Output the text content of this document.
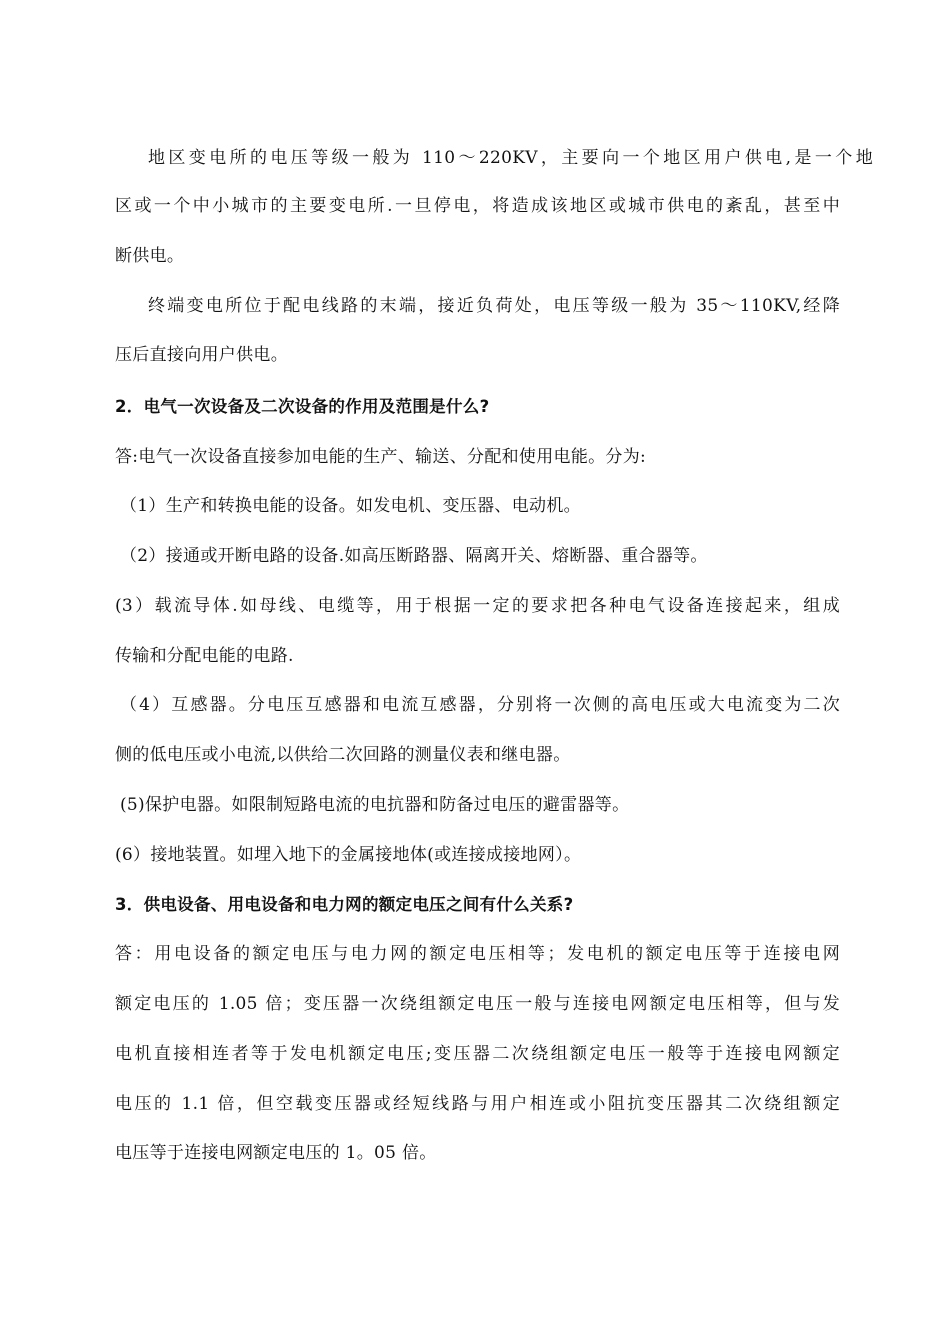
地区变电所的电压等级一般为 110～220KV，主要向一个地区用户供电,是一个地
区或一个中小城市的主要变电所.一旦停电，将造成该地区或城市供电的紊乱，甚至中
断供电。
终端变电所位于配电线路的末端，接近负荷处，电压等级一般为 35～110KV,经降
压后直接向用户供电。
2．电气一次设备及二次设备的作用及范围是什么?
答:电气一次设备直接参加电能的生产、输送、分配和使用电能。分为:
（1）生产和转换电能的设备。如发电机、变压器、电动机。
（2）接通或开断电路的设备.如高压断路器、隔离开关、熔断器、重合器等。
(3）载流导体.如母线、电缆等，用于根据一定的要求把各种电气设备连接起来，组成
传输和分配电能的电路.
（4）互感器。分电压互感器和电流互感器，分别将一次侧的高电压或大电流变为二次
侧的低电压或小电流,以供给二次回路的测量仪表和继电器。
(5)保护电器。如限制短路电流的电抗器和防备过电压的避雷器等。
(6）接地装置。如埋入地下的金属接地体(或连接成接地网）。
3．供电设备、用电设备和电力网的额定电压之间有什么关系?
答：用电设备的额定电压与电力网的额定电压相等；发电机的额定电压等于连接电网
额定电压的 1.05 倍；变压器一次绕组额定电压一般与连接电网额定电压相等，但与发
电机直接相连者等于发电机额定电压;变压器二次绕组额定电压一般等于连接电网额定
电压的 1.1 倍，但空载变压器或经短线路与用户相连或小阻抗变压器其二次绕组额定
电压等于连接电网额定电压的 1。05 倍。
